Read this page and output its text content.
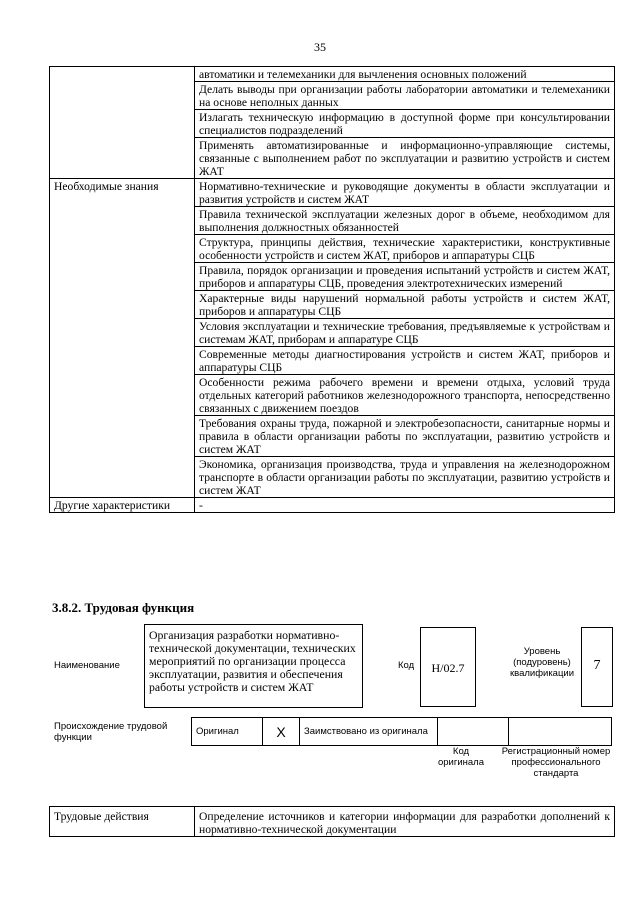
35
	автоматики и телемеханики для вычленения основных положений
	Делать выводы при организации работы лаборатории автоматики и телемеханики на основе неполных данных
	Излагать техническую информацию в доступной форме при консультировании специалистов подразделений
	Применять автоматизированные и информационно-управляющие системы, связанные с выполнением работ по эксплуатации и развитию устройств и систем ЖАТ
Необходимые знания	Нормативно-технические и руководящие документы в области эксплуатации и развития устройств и систем ЖАТ
	Правила технической эксплуатации железных дорог в объеме, необходимом для выполнения должностных обязанностей
	Структура, принципы действия, технические характеристики, конструктивные особенности устройств и систем ЖАТ, приборов и аппаратуры СЦБ
	Правила, порядок организации и проведения испытаний устройств и систем ЖАТ, приборов и аппаратуры СЦБ, проведения электротехнических измерений
	Характерные виды нарушений нормальной работы устройств и систем ЖАТ, приборов и аппаратуры СЦБ
	Условия эксплуатации и технические требования, предъявляемые к устройствам и системам ЖАТ, приборам и аппаратуре СЦБ
	Современные методы диагностирования устройств и систем ЖАТ, приборов и аппаратуры СЦБ
	Особенности режима рабочего времени и времени отдыха, условий труда отдельных категорий работников железнодорожного транспорта, непосредственно связанных с движением поездов
	Требования охраны труда, пожарной и электробезопасности, санитарные нормы и правила в области организации работы по эксплуатации, развитию устройств и систем ЖАТ
	Экономика, организация производства, труда и управления на железнодорожном транспорте в области организации работы по эксплуатации, развитию устройств и систем ЖАТ
Другие характеристики	-
3.8.2. Трудовая функция
Наименование
Организация разработки нормативно-технической документации, технических мероприятий по организации процесса эксплуатации, развития и обеспечения работы устройств и систем ЖАТ
Код	H/02.7
Уровень (подуровень) квалификации
7
Происхождение трудовой функции
Оригинал	X	Заимствовано из оригинала		
Код оригинала
Регистрационный номер профессионального стандарта
Трудовые действия	Определение источников и категории информации для разработки дополнений к нормативно-технической документации
